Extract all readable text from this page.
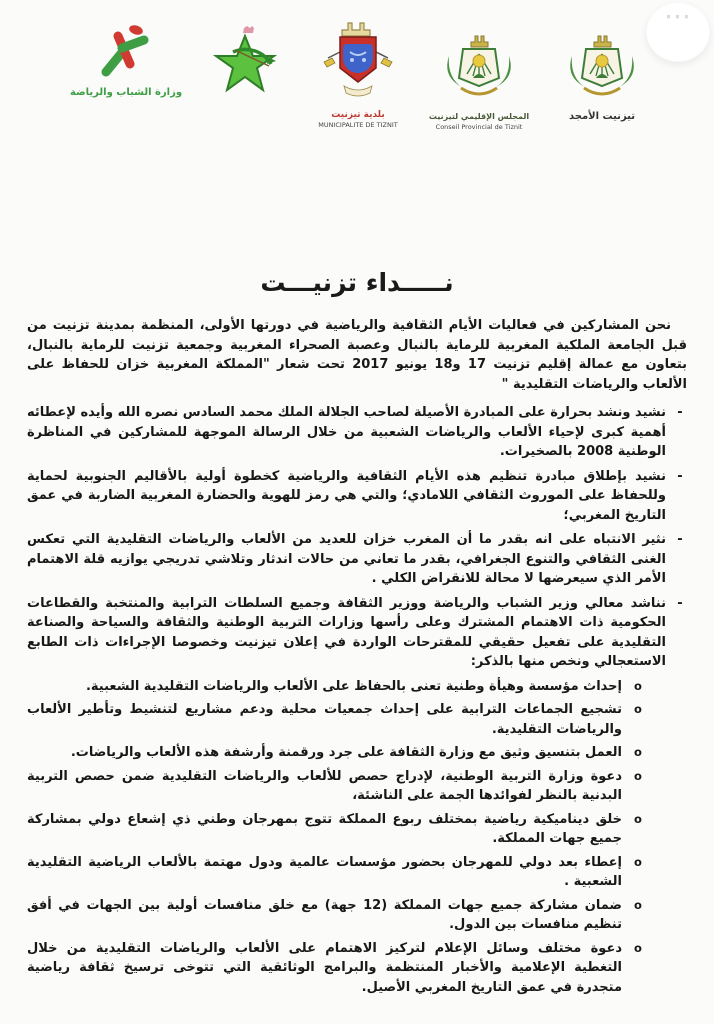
⋯
وزارة الشباب والرياضة
بلدية تيزنيت
MUNICIPALITE DE TIZNIT
المجلس الإقليمي لتيزنيت
Conseil Provincial de Tiznit
تيزنيت الأمجد
نـــــداء تزنيـــت

نحن المشاركين في فعاليات الأيام الثقافية والرياضية في دورتها الأولى، المنظمة بمدينة تزنيت من قبل الجامعة الملكية المغربية للرماية بالنبال وعصبة الصحراء المغربية وجمعية تزنيت للرماية بالنبال، بتعاون مع عمالة إقليم تزنيت 17 و18 يونيو 2017 تحت شعار "المملكة المغربية خزان للحفاظ على الألعاب والرياضات التقليدية "

-
نشيد ونشد بحرارة على المبادرة الأصيلة لصاحب الجلالة الملك محمد السادس نصره الله وأيده لإعطائه أهمية كبرى لإحياء الألعاب والرياضات الشعبية من خلال الرسالة الموجهة للمشاركين في المناظرة الوطنية 2008 بالصخيرات.
-
نشيد بإطلاق مبادرة تنظيم هذه الأيام الثقافية والرياضية كخطوة أولية بالأقاليم الجنوبية لحماية وللحفاظ على الموروث الثقافي اللامادي؛ والتي هي رمز للهوية والحضارة المغربية الضاربة في عمق التاريخ المغربي؛
-
نثير الانتباه على انه بقدر ما أن المغرب خزان للعديد من الألعاب والرياضات التقليدية التي تعكس الغنى الثقافي والتنوع الجغرافي، بقدر ما تعاني من حالات اندثار وتلاشي تدريجي يوازيه قلة الاهتمام الأمر الذي سيعرضها لا محالة للانقراض الكلي .
-
نناشد معالي وزير الشباب والرياضة ووزير الثقافة وجميع السلطات الترابية والمنتخبة والقطاعات الحكومية ذات الاهتمام المشترك وعلى رأسها وزارات التربية الوطنية والثقافة والسياحة والصناعة التقليدية على تفعيل حقيقي للمقترحات الواردة في إعلان تيزنيت وخصوصا الإجراءات ذات الطابع الاستعجالي ونخص منها بالذكر:
o
إحداث مؤسسة وهيأة وطنية تعنى بالحفاظ على الألعاب والرياضات التقليدية الشعبية.
o
تشجيع الجماعات الترابية على إحداث جمعيات محلية ودعم مشاريع لتنشيط وتأطير الألعاب والرياضات التقليدية.
o
العمل بتنسيق وثيق مع وزارة الثقافة على جرد ورقمنة وأرشفة هذه الألعاب والرياضات.
o
دعوة وزارة التربية الوطنية، لإدراج حصص للألعاب والرياضات التقليدية ضمن حصص التربية البدنية بالنظر لفوائدها الجمة على الناشئة،
o
خلق ديناميكية رياضية بمختلف ربوع المملكة تتوج بمهرجان وطني ذي إشعاع دولي بمشاركة جميع جهات المملكة.
o
إعطاء بعد دولي للمهرجان بحضور مؤسسات عالمية ودول مهتمة بالألعاب الرياضية التقليدية الشعبية .
o
ضمان مشاركة جميع جهات المملكة (12 جهة) مع خلق منافسات أولية بين الجهات في أفق تنظيم منافسات بين الدول.
o
دعوة مختلف وسائل الإعلام لتركيز الاهتمام على الألعاب والرياضات التقليدية من خلال التغطية الإعلامية والأخبار المنتظمة والبرامج الوثائقية التي تتوخى ترسيخ ثقافة رياضية متجدرة في عمق التاريخ المغربي الأصيل.
